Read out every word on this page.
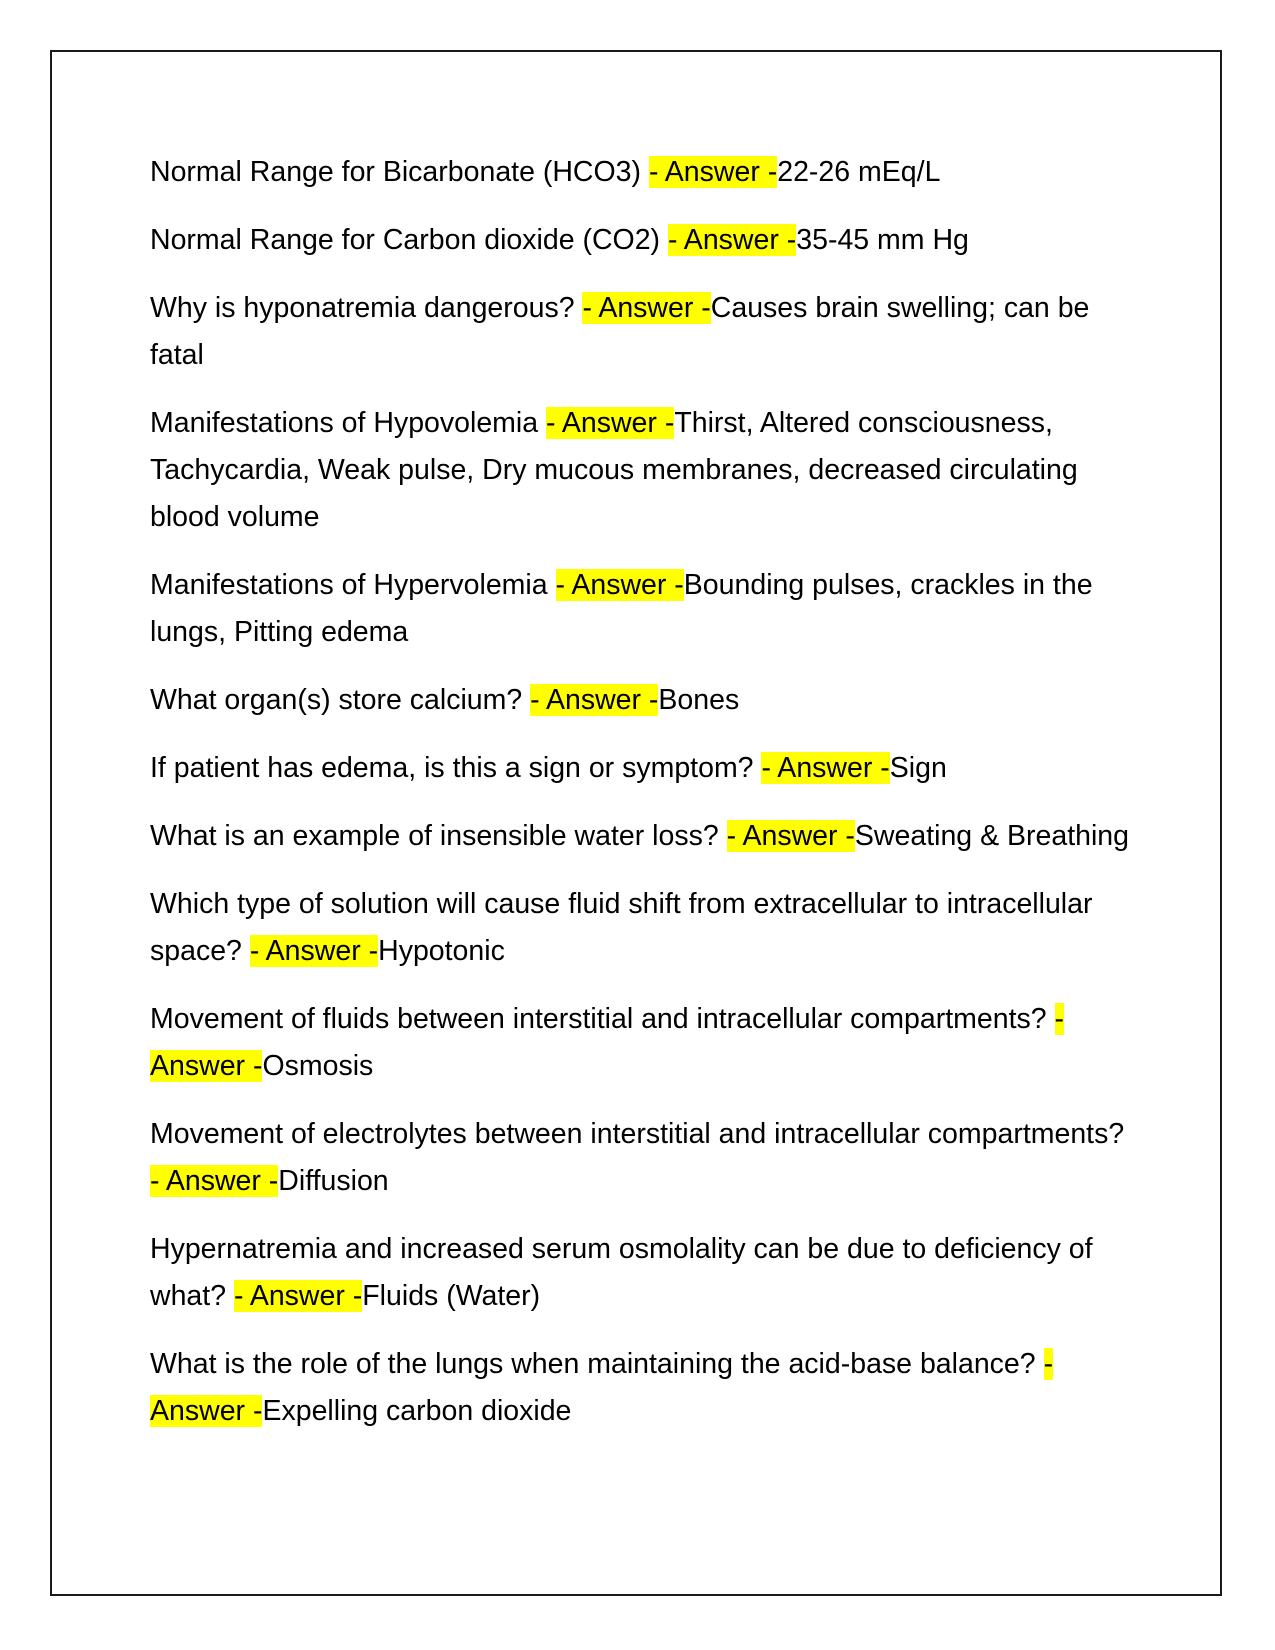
Normal Range for Bicarbonate (HCO3) - Answer -22-26 mEq/L
Normal Range for Carbon dioxide (CO2) - Answer -35-45 mm Hg
Why is hyponatremia dangerous? - Answer -Causes brain swelling; can be fatal
Manifestations of Hypovolemia - Answer -Thirst, Altered consciousness, Tachycardia, Weak pulse, Dry mucous membranes, decreased circulating blood volume
Manifestations of Hypervolemia - Answer -Bounding pulses, crackles in the lungs, Pitting edema
What organ(s) store calcium? - Answer -Bones
If patient has edema, is this a sign or symptom? - Answer -Sign
What is an example of insensible water loss? - Answer -Sweating & Breathing
Which type of solution will cause fluid shift from extracellular to intracellular space? - Answer -Hypotonic
Movement of fluids between interstitial and intracellular compartments? - Answer -Osmosis
Movement of electrolytes between interstitial and intracellular compartments? - Answer -Diffusion
Hypernatremia and increased serum osmolality can be due to deficiency of what? - Answer -Fluids (Water)
What is the role of the lungs when maintaining the acid-base balance? - Answer -Expelling carbon dioxide
